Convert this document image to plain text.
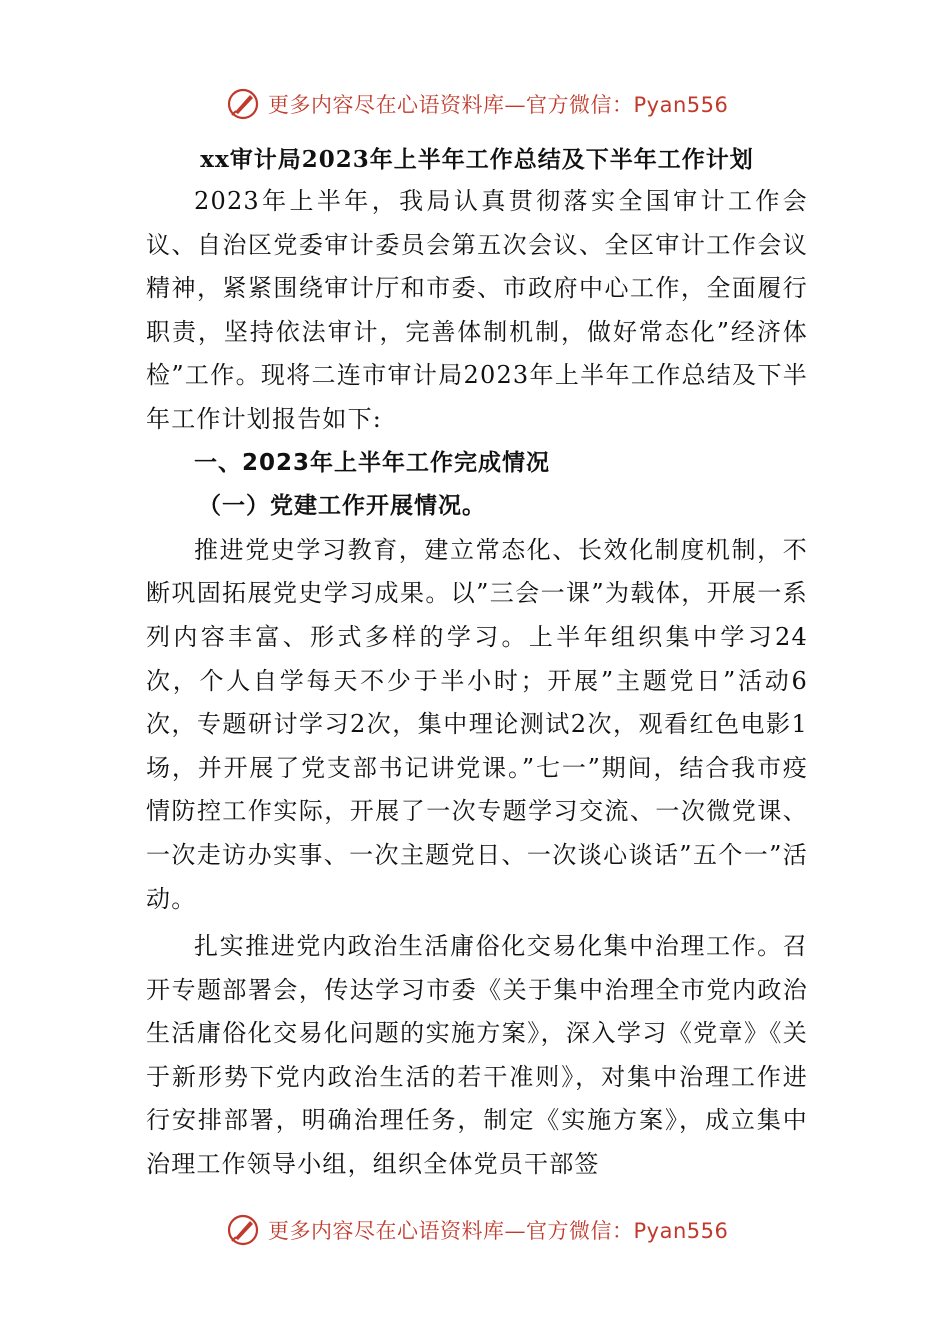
更多内容尽在心语资料库—官方微信：Pyan556
xx审计局2023年上半年工作总结及下半年工作计划

2023年上半年，我局认真贯彻落实全国审计工作会议、自治区党委审计委员会第五次会议、全区审计工作会议精神，紧紧围绕审计厅和市委、市政府中心工作，全面履行职责，坚持依法审计，完善体制机制，做好常态化”经济体检”工作。现将二连市审计局2023年上半年工作总结及下半年工作计划报告如下:

一、2023年上半年工作完成情况
（一）党建工作开展情况。

推进党史学习教育，建立常态化、长效化制度机制，不断巩固拓展党史学习成果。以”三会一课”为载体，开展一系列内容丰富、形式多样的学习。上半年组织集中学习24次，个人自学每天不少于半小时；开展”主题党日”活动6次，专题研讨学习2次，集中理论测试2次，观看红色电影1场，并开展了党支部书记讲党课。”七一”期间，结合我市疫情防控工作实际，开展了一次专题学习交流、一次微党课、一次走访办实事、一次主题党日、一次谈心谈话”五个一”活动。

扎实推进党内政治生活庸俗化交易化集中治理工作。召开专题部署会，传达学习市委《关于集中治理全市党内政治生活庸俗化交易化问题的实施方案》，深入学习《党章》《关于新形势下党内政治生活的若干准则》，对集中治理工作进行安排部署，明确治理任务，制定《实施方案》，成立集中治理工作领导小组，组织全体党员干部签

更多内容尽在心语资料库—官方微信：Pyan556
